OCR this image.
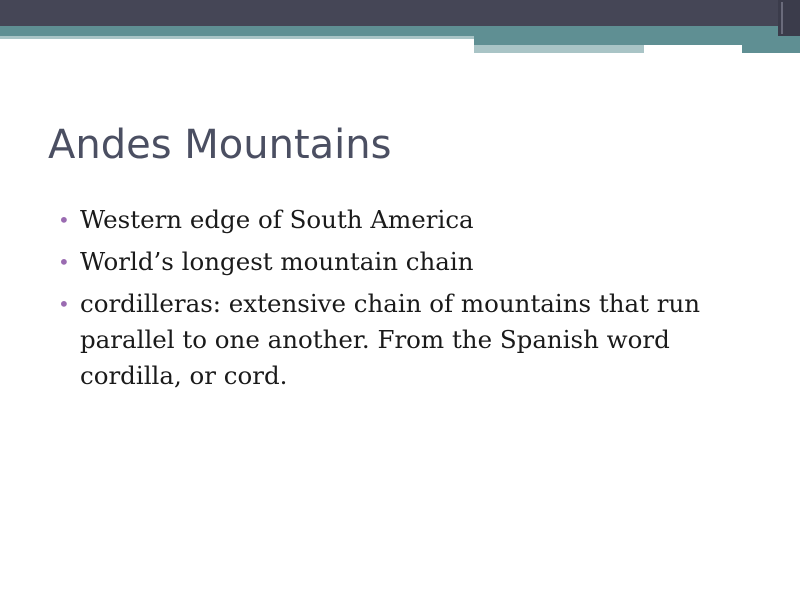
Andes Mountains
• Western edge of South America
• World’s longest mountain chain
• cordilleras: extensive chain of mountains that run parallel to one another. From the Spanish word cordilla, or cord.
